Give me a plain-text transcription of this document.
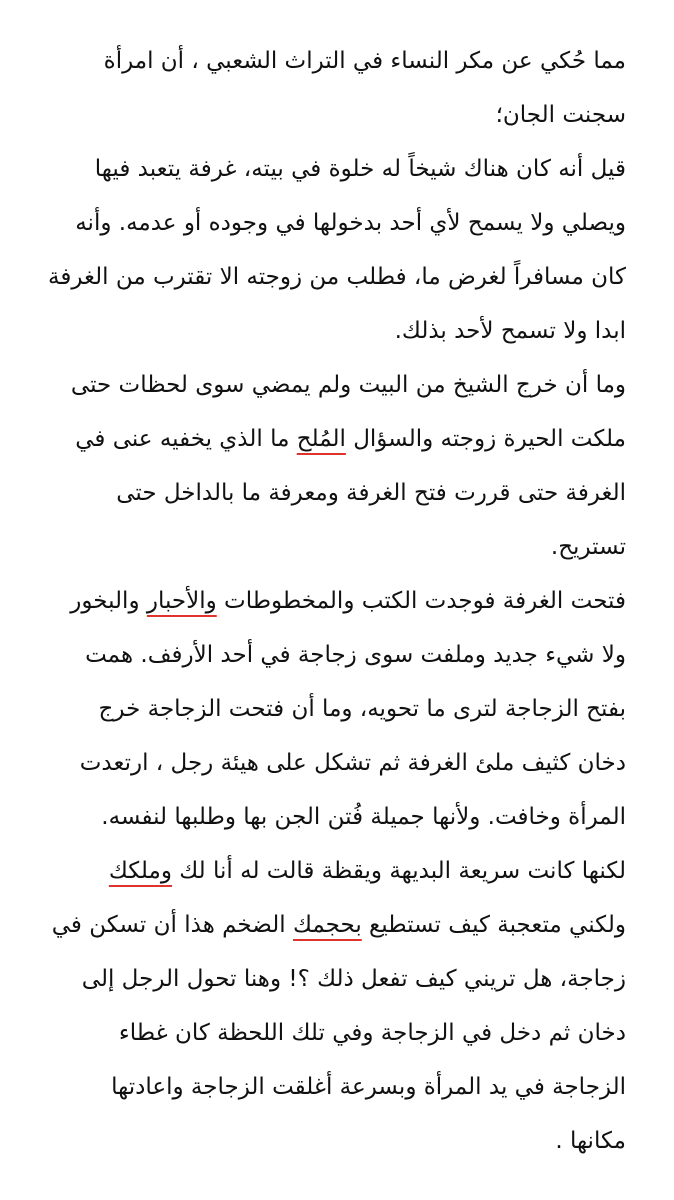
مما حُكي عن مكر النساء في التراث الشعبي ، أن امرأة سجنت الجان؛

قيل أنه كان هناك شيخاً له خلوة في بيته، غرفة يتعبد فيها ويصلي ولا يسمح لأي أحد بدخولها في وجوده أو عدمه. وأنه كان مسافراً لغرض ما، فطلب من زوجته الا تقترب من الغرفة ابدا ولا تسمح لأحد بذلك.

وما أن خرج الشيخ من البيت ولم يمضي سوى لحظات حتى ملكت الحيرة زوجته والسؤال المُلح ما الذي يخفيه عنى في الغرفة حتى قررت فتح الغرفة ومعرفة ما بالداخل حتى تستريح.

فتحت الغرفة فوجدت الكتب والمخطوطات والأحبار والبخور ولا شيء جديد وملفت سوى زجاجة في أحد الأرفف. همت بفتح الزجاجة لترى ما تحويه، وما أن فتحت الزجاجة خرج دخان كثيف ملئ الغرفة ثم تشكل على هيئة رجل ، ارتعدت المرأة وخافت. ولأنها جميلة فُتن الجن بها وطلبها لنفسه.

لكنها كانت سريعة البديهة ويقظة قالت له أنا لك وملكك ولكني متعجبة كيف تستطيع بحجمك الضخم هذا أن تسكن في زجاجة، هل تريني كيف تفعل ذلك ؟! وهنا تحول الرجل إلى دخان ثم دخل في الزجاجة وفي تلك اللحظة كان غطاء الزجاجة في يد المرأة وبسرعة أغلقت الزجاجة واعادتها مكانها .
